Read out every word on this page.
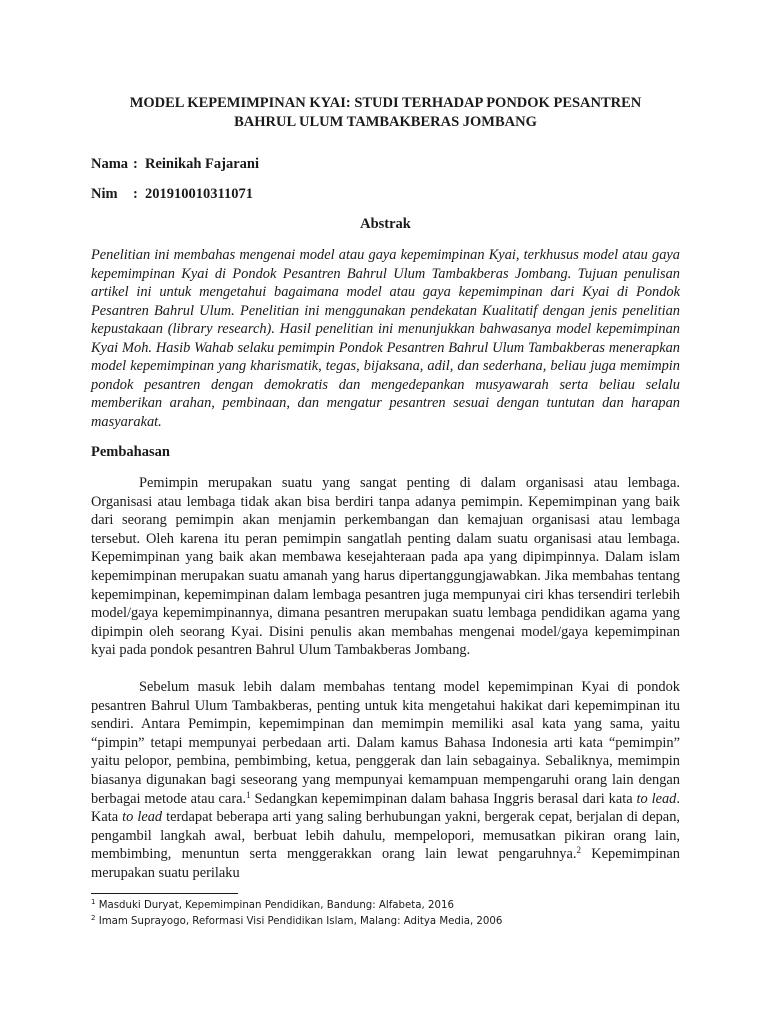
MODEL KEPEMIMPINAN KYAI: STUDI TERHADAP PONDOK PESANTREN
BAHRUL ULUM TAMBAKBERAS JOMBANG
Nama : Reinikah Fajarani
Nim	: 201910010311071
Abstrak

Penelitian ini membahas mengenai model atau gaya kepemimpinan Kyai, terkhusus model atau gaya kepemimpinan Kyai di Pondok Pesantren Bahrul Ulum Tambakberas Jombang. Tujuan penulisan artikel ini untuk mengetahui bagaimana model atau gaya kepemimpinan dari Kyai di Pondok Pesantren Bahrul Ulum. Penelitian ini menggunakan pendekatan Kualitatif dengan jenis penelitian kepustakaan (library research). Hasil penelitian ini menunjukkan bahwasanya model kepemimpinan Kyai Moh. Hasib Wahab selaku pemimpin Pondok Pesantren Bahrul Ulum Tambakberas menerapkan model kepemimpinan yang kharismatik, tegas, bijaksana, adil, dan sederhana, beliau juga memimpin pondok pesantren dengan demokratis dan mengedepankan musyawarah serta beliau selalu memberikan arahan, pembinaan, dan mengatur pesantren sesuai dengan tuntutan dan harapan masyarakat.

Pembahasan

Pemimpin merupakan suatu yang sangat penting di dalam organisasi atau lembaga. Organisasi atau lembaga tidak akan bisa berdiri tanpa adanya pemimpin. Kepemimpinan yang baik dari seorang pemimpin akan menjamin perkembangan dan kemajuan organisasi atau lembaga tersebut. Oleh karena itu peran pemimpin sangatlah penting dalam suatu organisasi atau lembaga. Kepemimpinan yang baik akan membawa kesejahteraan pada apa yang dipimpinnya. Dalam islam kepemimpinan merupakan suatu amanah yang harus dipertanggungjawabkan. Jika membahas tentang kepemimpinan, kepemimpinan dalam lembaga pesantren juga mempunyai ciri khas tersendiri terlebih model/gaya kepemimpinannya, dimana pesantren merupakan suatu lembaga pendidikan agama yang dipimpin oleh seorang Kyai. Disini penulis akan membahas mengenai model/gaya kepemimpinan kyai pada pondok pesantren Bahrul Ulum Tambakberas Jombang.

Sebelum masuk lebih dalam membahas tentang model kepemimpinan Kyai di pondok pesantren Bahrul Ulum Tambakberas, penting untuk kita mengetahui hakikat dari kepemimpinan itu sendiri. Antara Pemimpin, kepemimpinan dan memimpin memiliki asal kata yang sama, yaitu “pimpin” tetapi mempunyai perbedaan arti. Dalam kamus Bahasa Indonesia arti kata “pemimpin” yaitu pelopor, pembina, pembimbing, ketua, penggerak dan lain sebagainya. Sebaliknya, memimpin biasanya digunakan bagi seseorang yang mempunyai kemampuan mempengaruhi orang lain dengan berbagai metode atau cara.$^1$ Sedangkan kepemimpinan dalam bahasa Inggris berasal dari kata to lead. Kata to lead terdapat beberapa arti yang saling berhubungan yakni, bergerak cepat, berjalan di depan, pengambil langkah awal, berbuat lebih dahulu, mempelopori, memusatkan pikiran orang lain, membimbing, menuntun serta menggerakkan orang lain lewat pengaruhnya.$^2$ Kepemimpinan merupakan suatu perilaku

$^1$ Masduki Duryat, Kepemimpinan Pendidikan, Bandung: Alfabeta, 2016
$^2$ Imam Suprayogo, Reformasi Visi Pendidikan Islam, Malang: Aditya Media, 2006
